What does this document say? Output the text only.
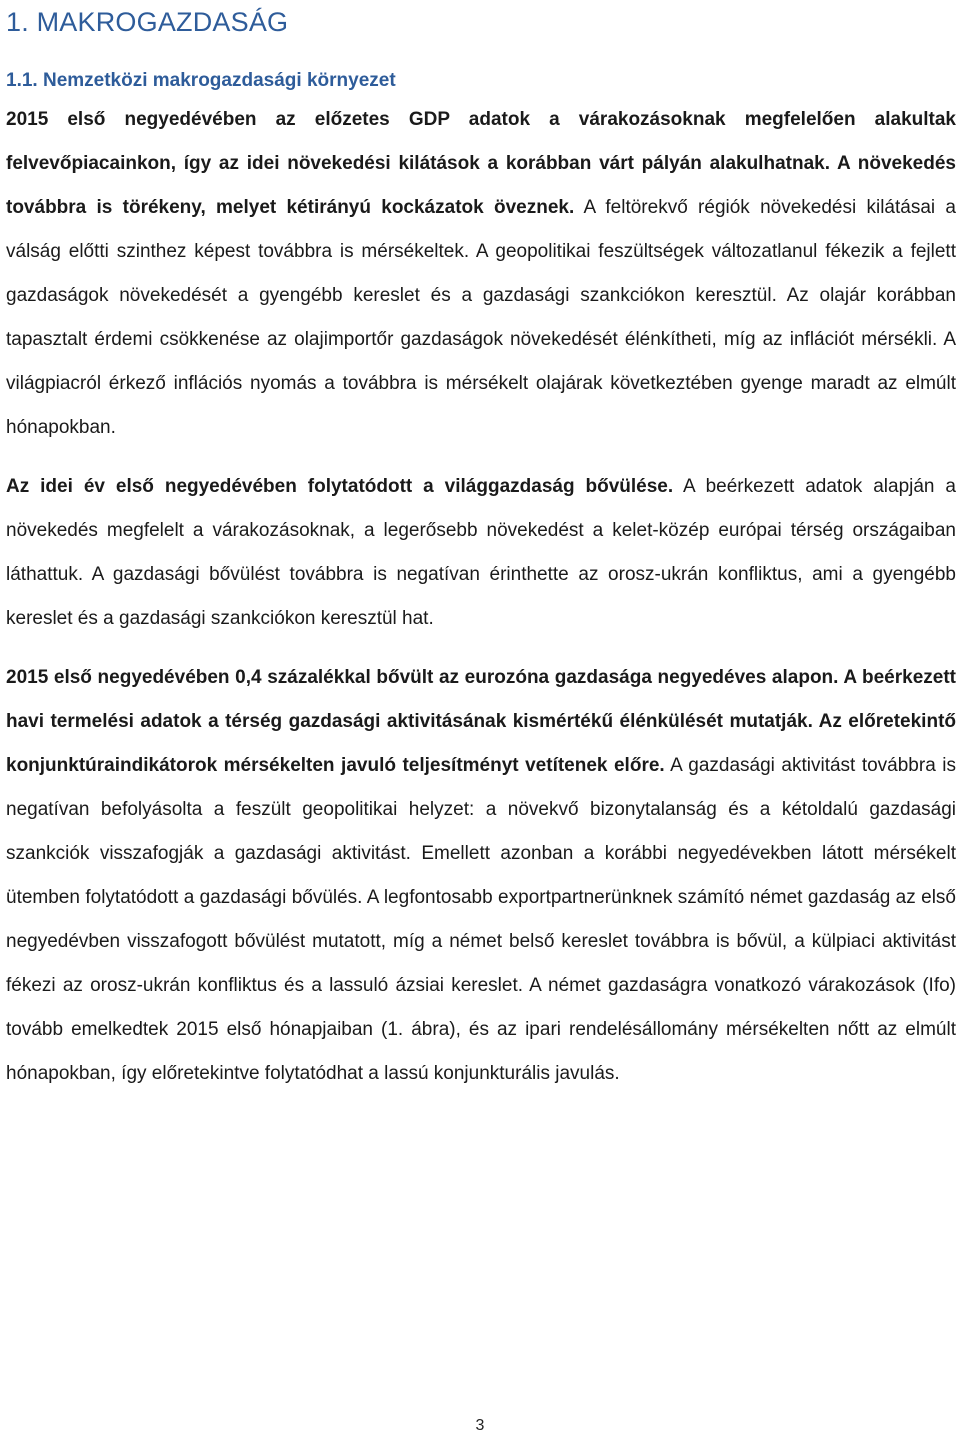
1. MAKROGAZDASÁG
1.1. Nemzetközi makrogazdasági környezet

2015 első negyedévében az előzetes GDP adatok a várakozásoknak megfelelően alakultak felvevőpiacainkon, így az idei növekedési kilátások a korábban várt pályán alakulhatnak. A növekedés továbbra is törékeny, melyet kétirányú kockázatok öveznek. A feltörekvő régiók növekedési kilátásai a válság előtti szinthez képest továbbra is mérsékeltek. A geopolitikai feszültségek változatlanul fékezik a fejlett gazdaságok növekedését a gyengébb kereslet és a gazdasági szankciókon keresztül. Az olajár korábban tapasztalt érdemi csökkenése az olajimportőr gazdaságok növekedését élénkítheti, míg az inflációt mérsékli. A világpiacról érkező inflációs nyomás a továbbra is mérsékelt olajárak következtében gyenge maradt az elmúlt hónapokban.

Az idei év első negyedévében folytatódott a világgazdaság bővülése. A beérkezett adatok alapján a növekedés megfelelt a várakozásoknak, a legerősebb növekedést a kelet-közép európai térség országaiban láthattuk. A gazdasági bővülést továbbra is negatívan érinthette az orosz-ukrán konfliktus, ami a gyengébb kereslet és a gazdasági szankciókon keresztül hat.

2015 első negyedévében 0,4 százalékkal bővült az eurozóna gazdasága negyedéves alapon. A beérkezett havi termelési adatok a térség gazdasági aktivitásának kismértékű élénkülését mutatják. Az előretekintő konjunktúraindikátorok mérsékelten javuló teljesítményt vetítenek előre. A gazdasági aktivitást továbbra is negatívan befolyásolta a feszült geopolitikai helyzet: a növekvő bizonytalanság és a kétoldalú gazdasági szankciók visszafogják a gazdasági aktivitást. Emellett azonban a korábbi negyedévekben látott mérsékelt ütemben folytatódott a gazdasági bővülés. A legfontosabb exportpartnerünknek számító német gazdaság az első negyedévben visszafogott bővülést mutatott, míg a német belső kereslet továbbra is bővül, a külpiaci aktivitást fékezi az orosz-ukrán konfliktus és a lassuló ázsiai kereslet. A német gazdaságra vonatkozó várakozások (Ifo) tovább emelkedtek 2015 első hónapjaiban (1. ábra), és az ipari rendelésállomány mérsékelten nőtt az elmúlt hónapokban, így előretekintve folytatódhat a lassú konjunkturális javulás.

3
